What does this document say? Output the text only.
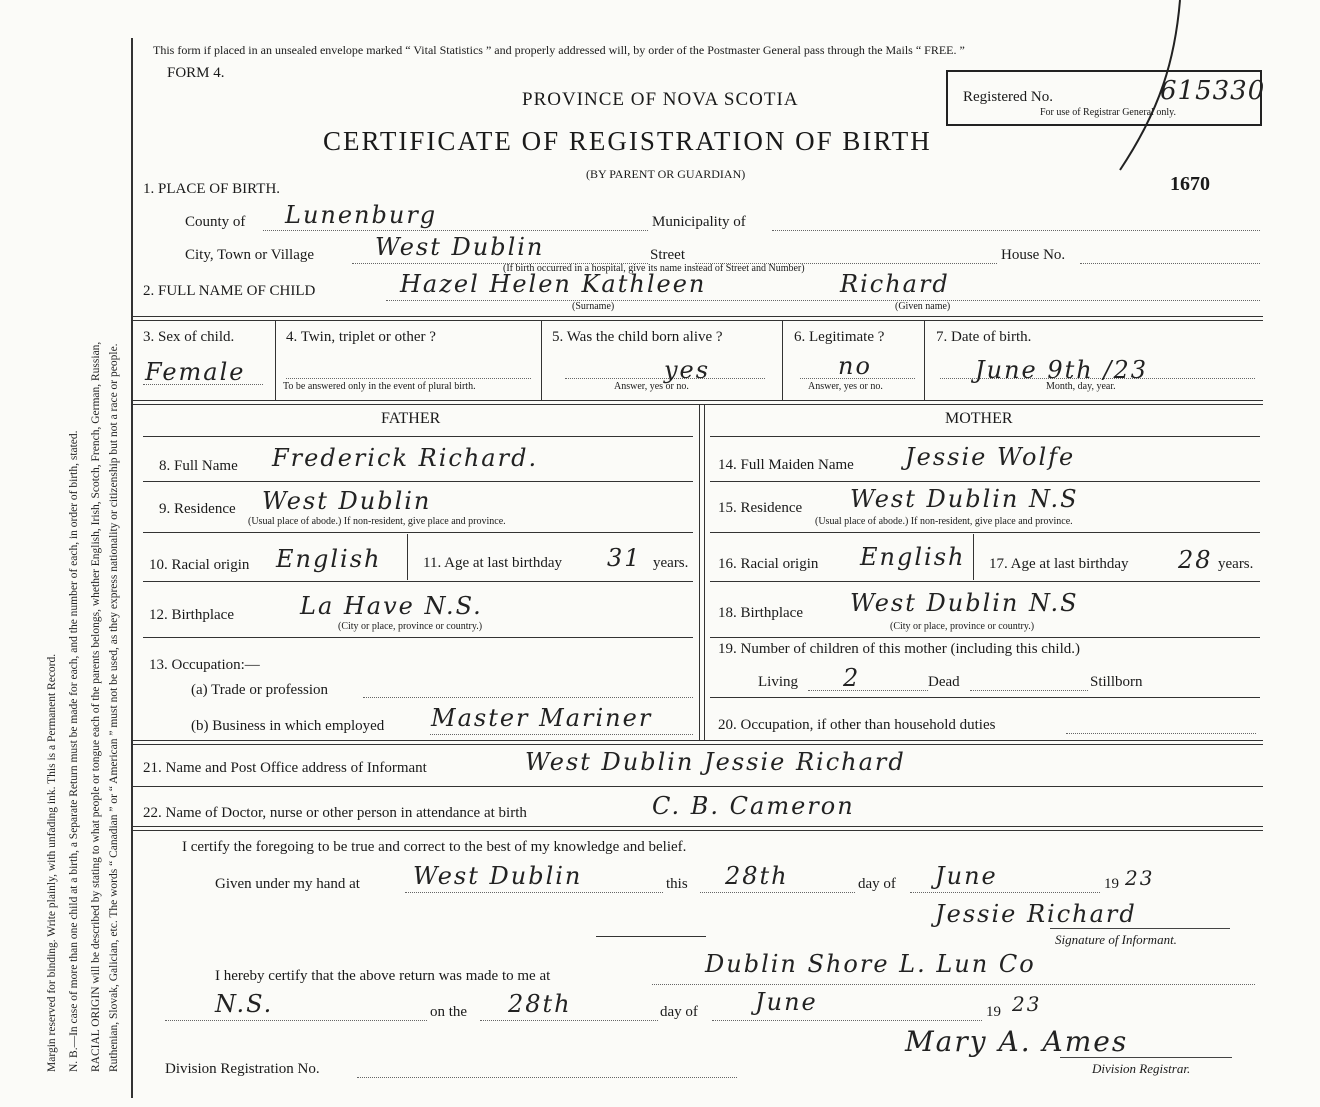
Margin reserved for binding. Write plainly, with unfading ink. This is a Permanent Record. N. B.—In case of more than one child at a birth, a Separate Return must be made for each, and the number of each, in order of birth, stated. RACIAL ORIGIN will be described by stating to what people or tongue each of the parents belongs, whether English, Irish, Scotch, French, German, Russian, Ruthenian, Slovak, Galician, etc. The words “ Canadian ” or “ American ” must not be used, as they express nationality or citizenship but not a race or people.
This form if placed in an unsealed envelope marked “ Vital Statistics ” and properly addressed will, by order of the Postmaster General pass through the Mails “ FREE. ”
FORM 4.
PROVINCE OF NOVA SCOTIA
CERTIFICATE OF REGISTRATION OF BIRTH
(BY PARENT OR GUARDIAN)
Registered No.	615330
For use of Registrar General only.
1670
1. PLACE OF BIRTH.
County of Lunenburg	Municipality of
City, Town or Village	West Dublin	Street
(If birth occurred in a hospital, give its name instead of Street and Number)
House No.
2. FULL NAME OF CHILD	Hazel Helen Kathleen	Richard
(Surname)	(Given name)
3. Sex of child.
Female
4. Twin, triplet or other ?
To be answered only in the event of plural birth.
5. Was the child born alive ?
yes
Answer, yes or no.
6. Legitimate ?
no
Answer, yes or no.
7. Date of birth.
June 9th /23
Month, day, year.
FATHER	MOTHER
8. Full Name Frederick Richard.
9. Residence West Dublin
(Usual place of abode.) If non-resident, give place and province.
10. Racial origin English	11. Age at last birthday 31 years.
12. Birthplace	La Have N.S.
(City or place, province or country.)
13. Occupation:—
(a) Trade or profession
(b) Business in which employed Master Mariner
14. Full Maiden Name Jessie Wolfe
15. Residence West Dublin N.S
(Usual place of abode.) If non-resident, give place and province.
16. Racial origin English 17. Age at last birthday 28 years.
18. Birthplace West Dublin N.S
(City or place, province or country.)
19. Number of children of this mother (including this child.)
Living 2	Dead	Stillborn
20. Occupation, if other than household duties
21. Name and Post Office address of Informant	West Dublin Jessie Richard
22. Name of Doctor, nurse or other person in attendance at birth	C. B. Cameron
I certify the foregoing to be true and correct to the best of my knowledge and belief.
Given under my hand at West Dublin	this 28th	day of June	19 23
Jessie Richard
Signature of Informant.
I hereby certify that the above return was made to me at	Dublin Shore L. Lun Co
N.S.	on the 28th	day of June	19 23
Division Registration No.
Mary A. Ames
Division Registrar.
